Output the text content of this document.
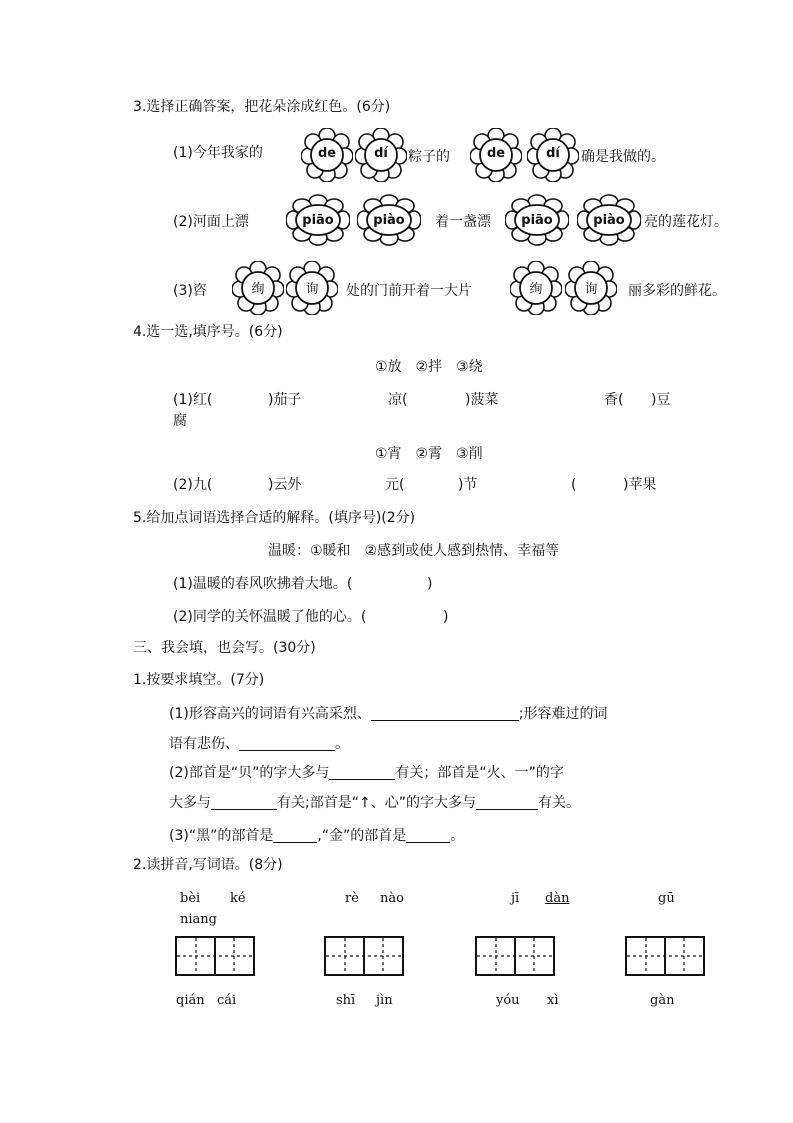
3.选择正确答案，把花朵涂成红色。(6分)
(1)今年我家的	de	dí	粽子的	de	dí	确是我做的。
(2)河面上漂	piāo	piào	着一盏漂	piāo	piào	亮的莲花灯。
(3)咨	绚	询	处的门前开着一大片	绚	询	丽多彩的鲜花。
4.选一选,填序号。(6分)
①放　②拌　③绕
(1)红(	)茄子	凉(	)菠菜	香( )豆
腐
①宵　②霄　③削
(2)九(	)云外	元(	)节	(	)苹果
5.给加点词语选择合适的解释。(填序号)(2分)
温暖：①暖和　②感到或使人感到热情、幸福等
(1)温暖的春风吹拂着大地。(	)
(2)同学的关怀温暖了他的心。(	)
三、我会填，也会写。(30分)
1.按要求填空。(7分)
(1)形容高兴的词语有兴高采烈、	;形容难过的词
语有悲伤、	。
(2)部首是“贝”的字大多与	有关；部首是“火、一”的字
大多与	有关;部首是“↑、心”的字大多与	有关。
(3)“黑”的部首是	,“金”的部首是	。
2.读拼音,写词语。(8分)
bèi ké
niang
rè nào	jī dàn	gū
qián cái	shī jìn	yóu xì	gàn
